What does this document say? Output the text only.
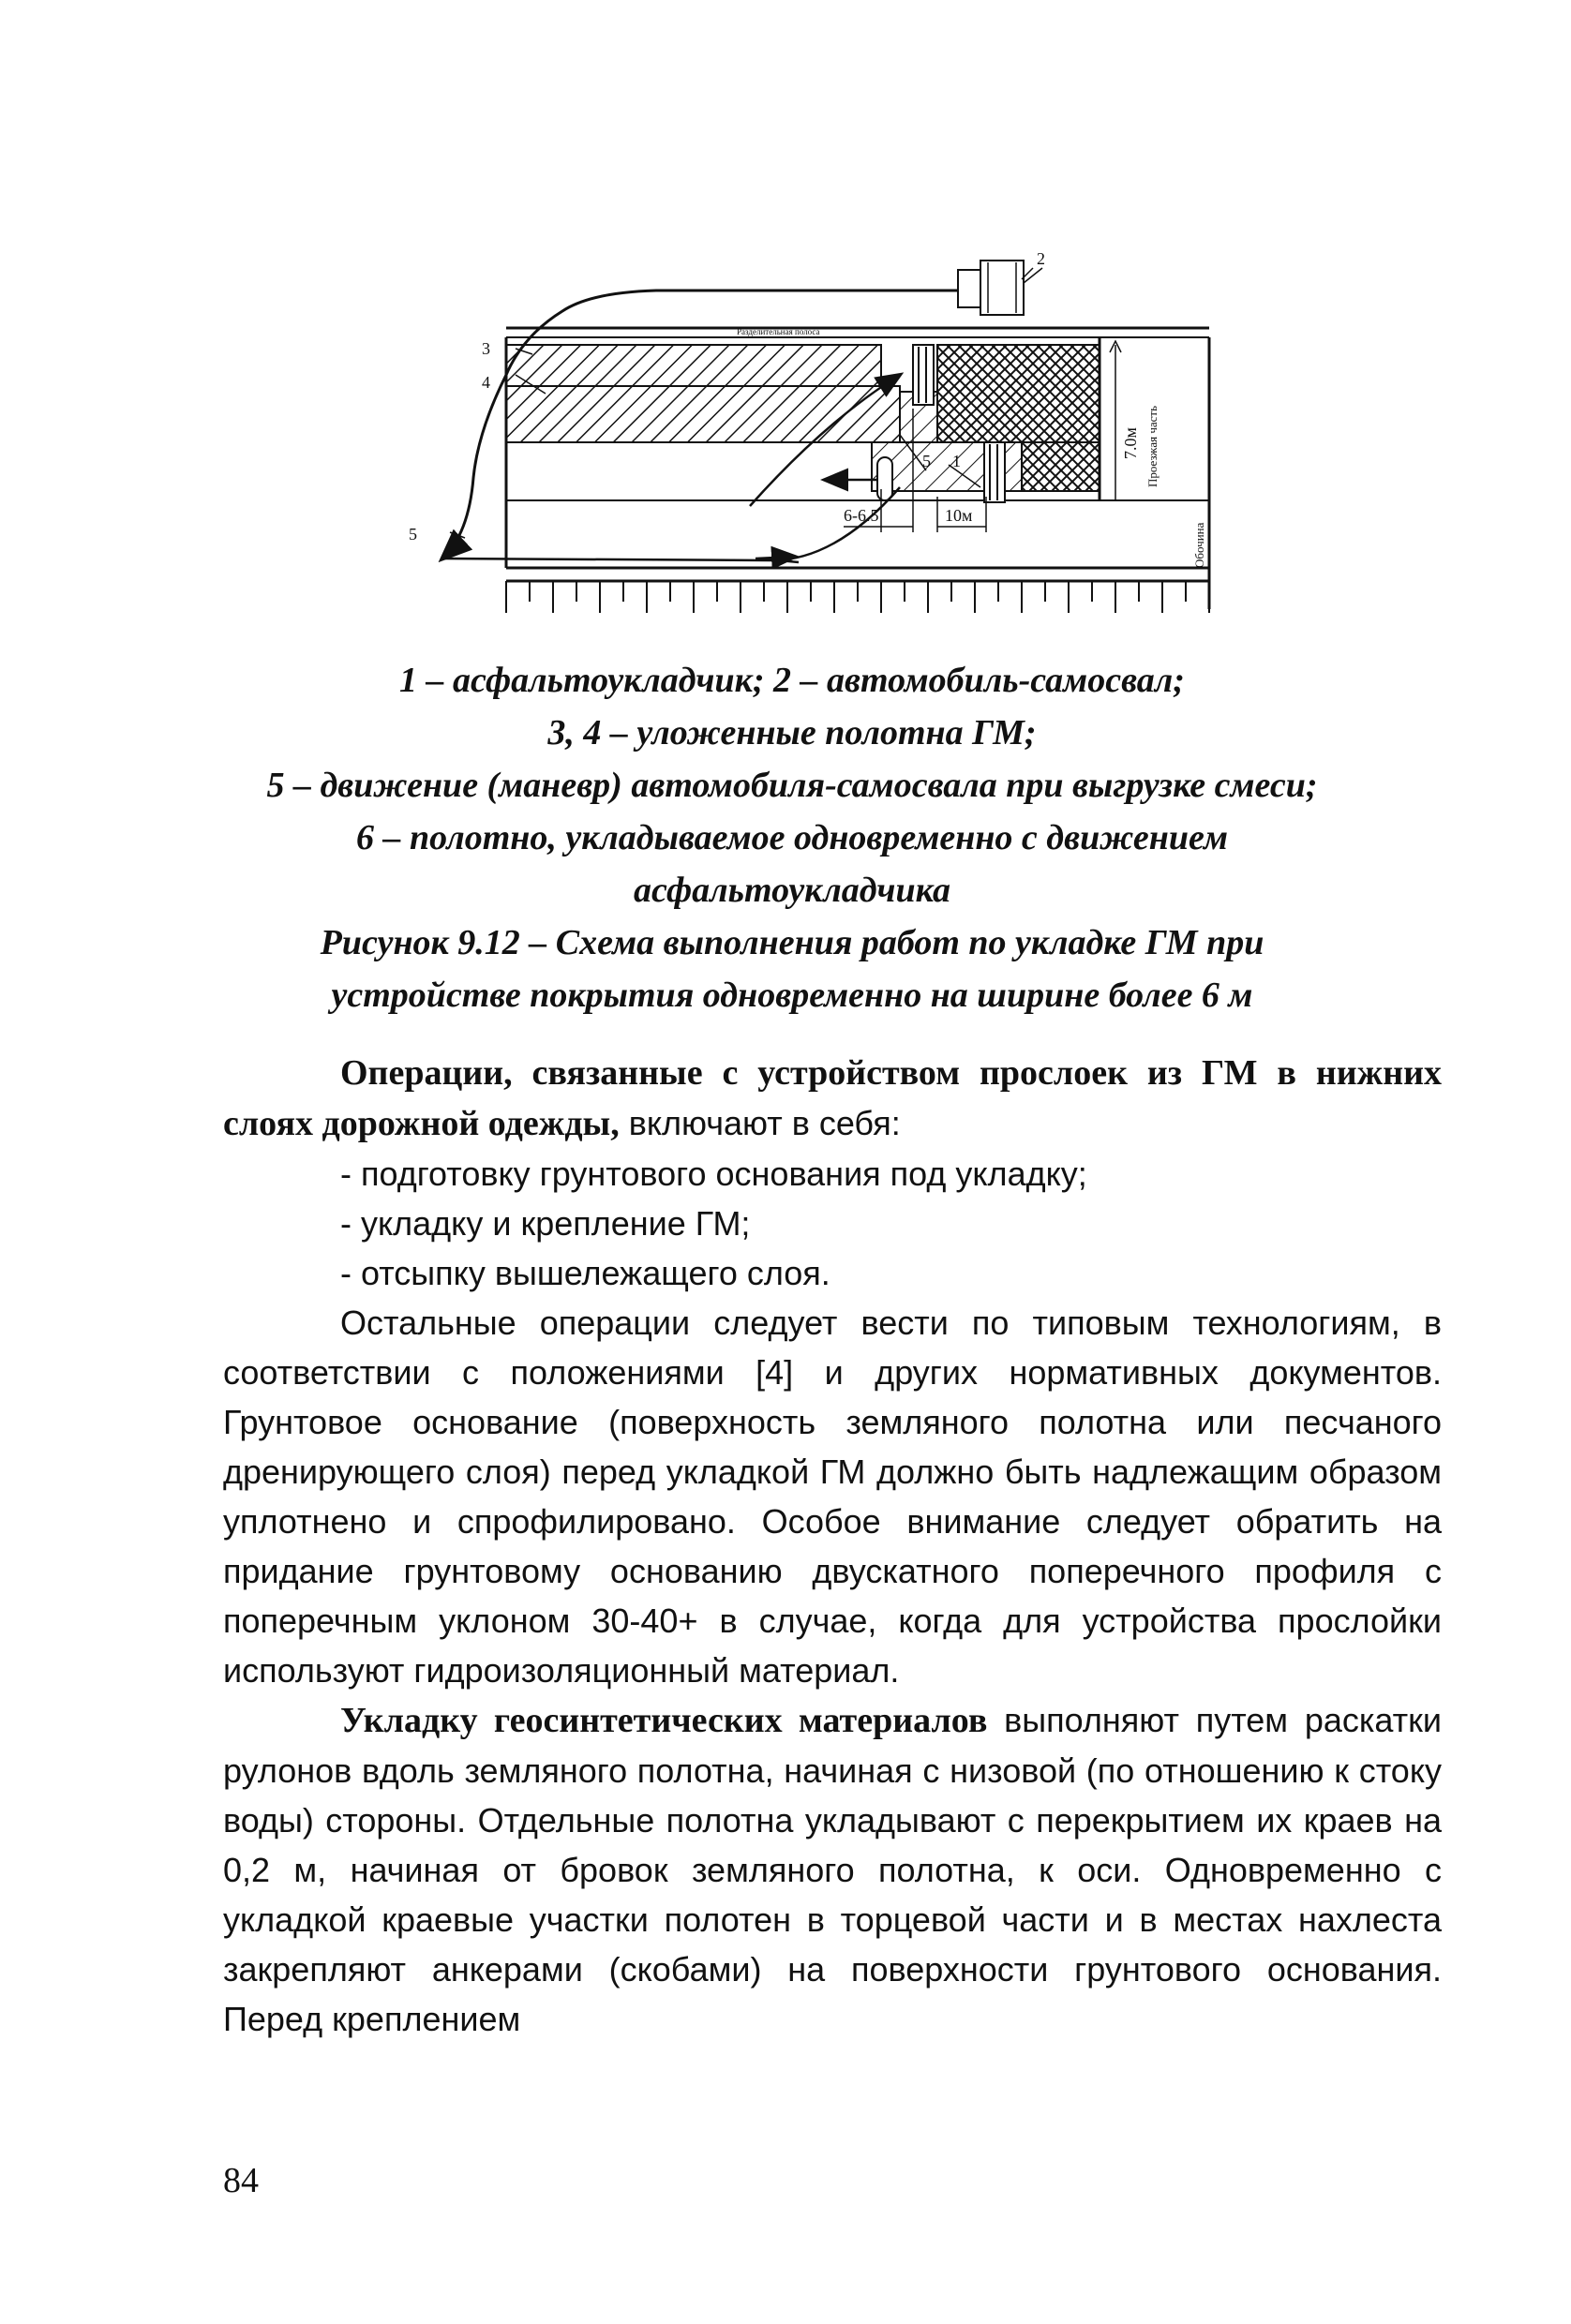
6-6.5	10м
7.0м Проезжая часть
Обочина
Разделительная полоса
2
3
4
5
5 1
1 – асфальтоукладчик; 2 – автомобиль-самосвал;
3, 4 – уложенные полотна ГМ;
5 – движение (маневр) автомобиля-самосвала при выгрузке смеси;
6 – полотно, укладываемое одновременно с движением
асфальтоукладчика
Рисунок 9.12 – Схема выполнения работ по укладке ГМ при
устройстве покрытия одновременно на ширине более 6 м
Операции, связанные с устройством прослоек из ГМ в нижних слоях дорожной одежды, включают в себя:
- подготовку грунтового основания под укладку;
- укладку и крепление ГМ;
- отсыпку вышележащего слоя.
Остальные операции следует вести по типовым технологиям, в соответствии с положениями [4] и других нормативных документов. Грунтовое основание (поверхность земляного полотна или песчаного дренирующего слоя) перед укладкой ГМ должно быть надлежащим образом уплотнено и спрофилировано. Особое внимание следует обратить на придание грунтовому основанию двускатного поперечного профиля с поперечным уклоном 30-40+ в случае, когда для устройства прослойки используют гидроизоляционный материал.
Укладку геосинтетических материалов выполняют путем раскатки рулонов вдоль земляного полотна, начиная с низовой (по отношению к стоку воды) стороны. Отдельные полотна укладывают с перекрытием их краев на 0,2 м, начиная от бровок земляного полотна, к оси. Одновременно с укладкой краевые участки полотен в торцевой части и в местах нахлеста закрепляют анкерами (скобами) на поверхности грунтового основания. Перед креплением
84
